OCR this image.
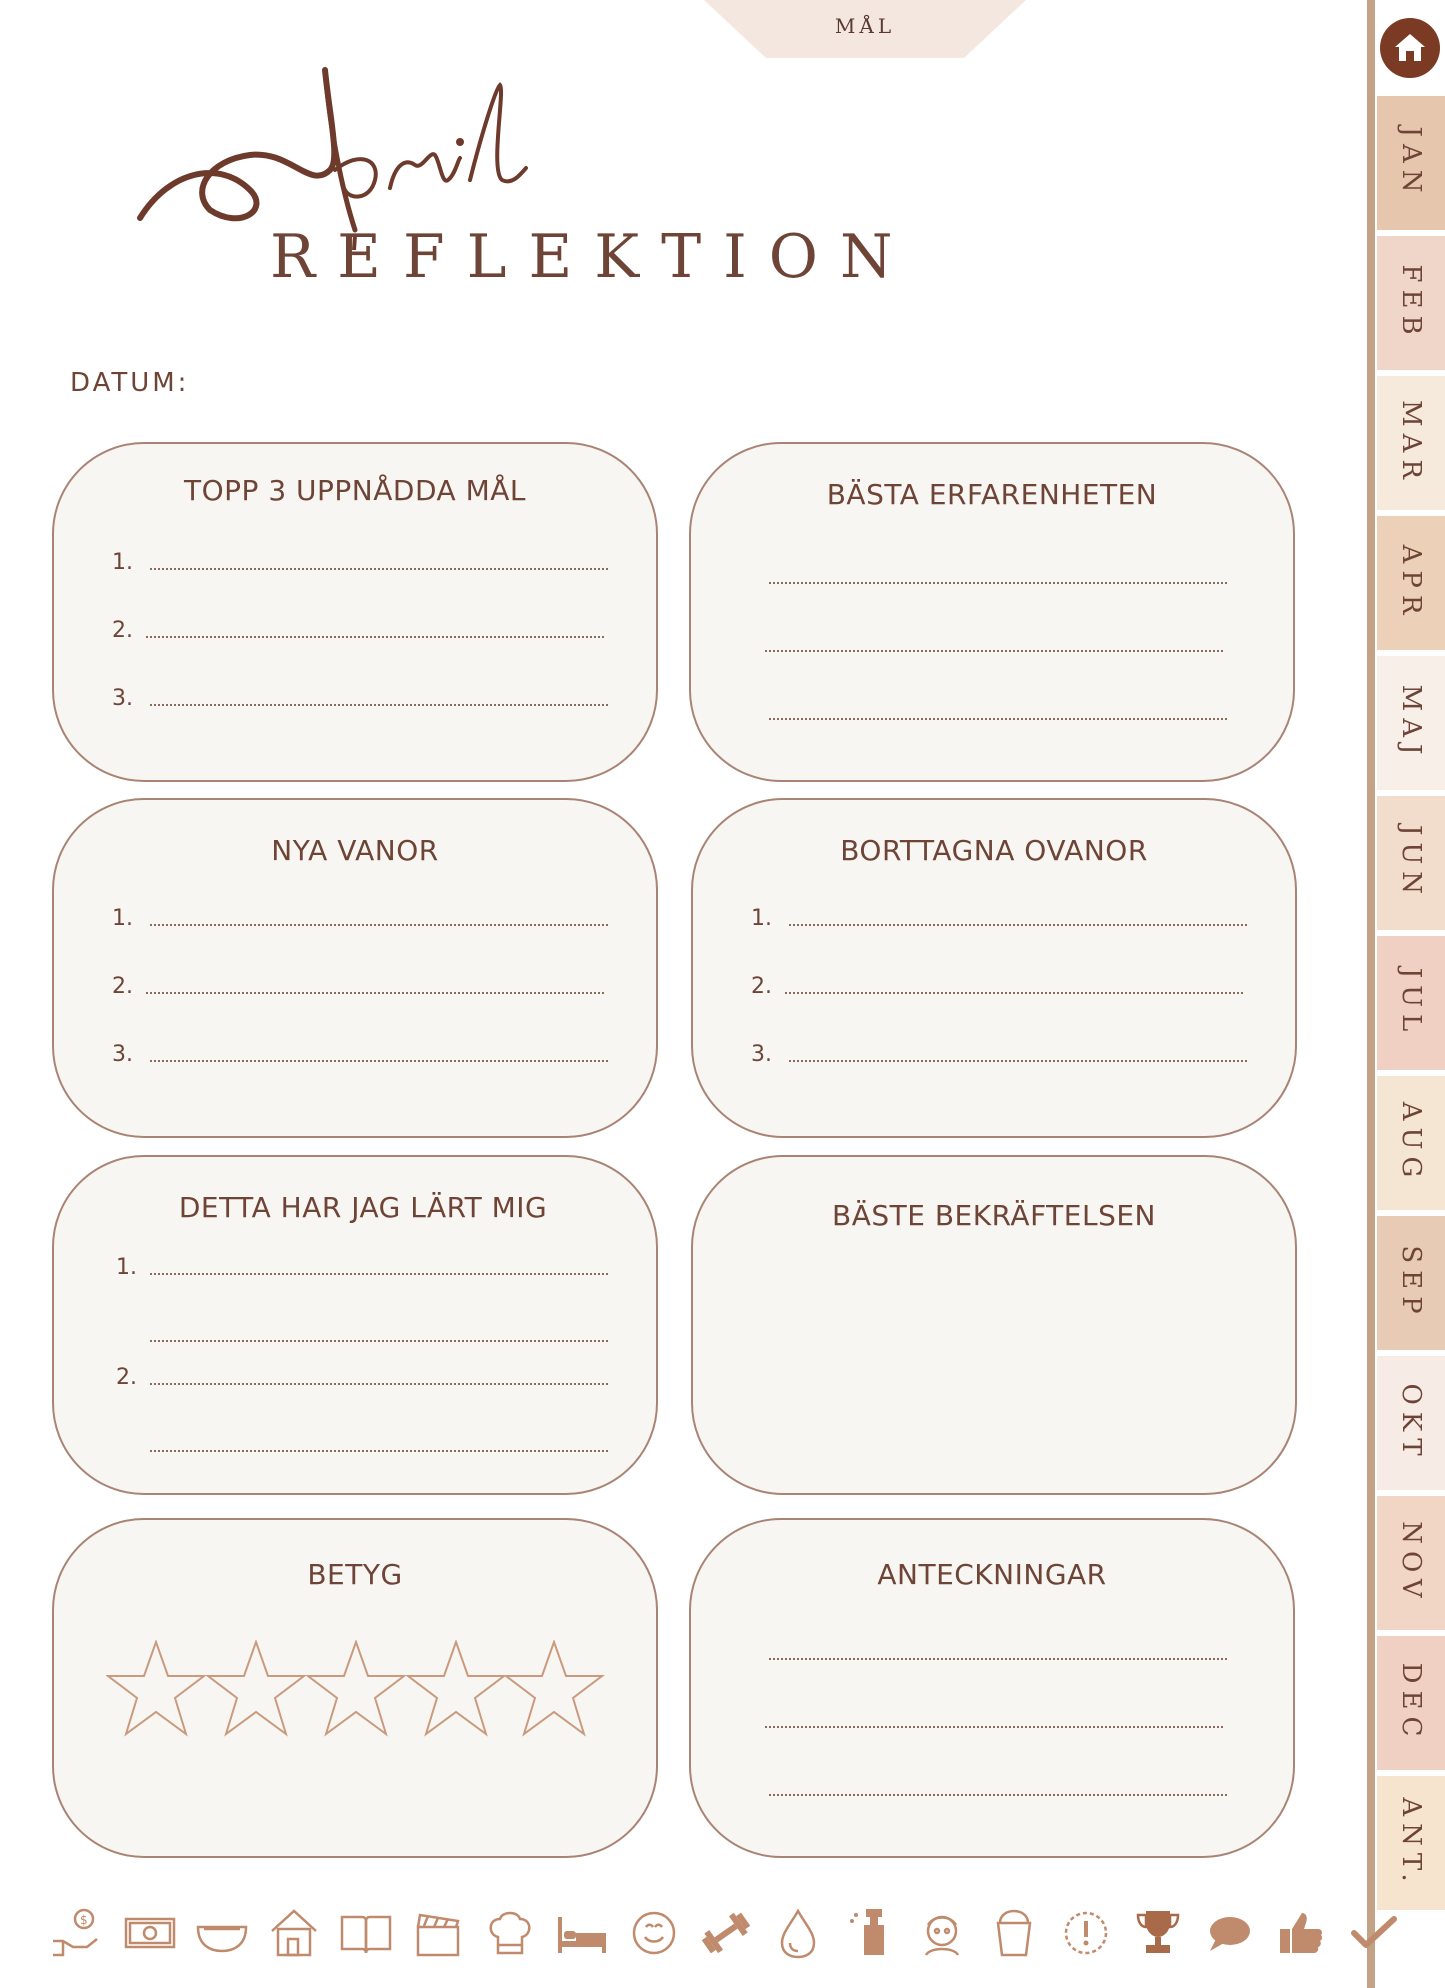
MÅL
REFLEKTION
DATUM:
TOPP 3 UPPNÅDDA MÅL
1.
2.
3.
BÄSTA ERFARENHETEN
NYA VANOR
1.
2.
3.
BORTTAGNA OVANOR
1.
2.
3.
DETTA HAR JAG LÄRT MIG
1.
2.
BÄSTE BEKRÄFTELSEN
BETYG	ANTECKNINGAR
JAN
FEB
MAR
APR
MAJ
JUN
JUL
AUG
SEP
OKT
NOV
DEC
ANT.
$
